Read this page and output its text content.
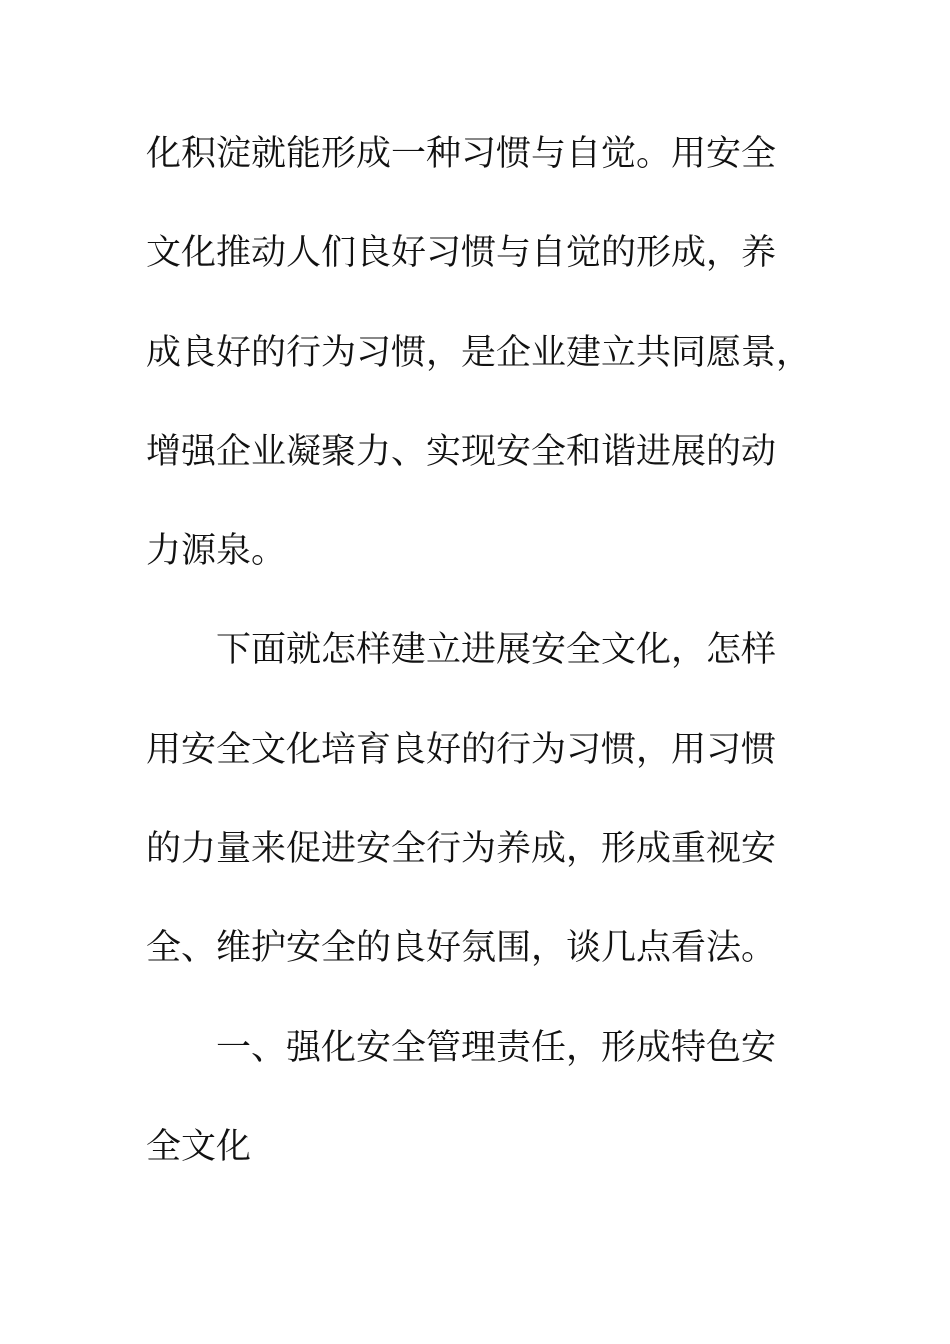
化积淀就能形成一种习惯与自觉。用安全
文化推动人们良好习惯与自觉的形成，养
成良好的行为习惯，是企业建立共同愿景，
增强企业凝聚力、实现安全和谐进展的动
力源泉。
下面就怎样建立进展安全文化，怎样
用安全文化培育良好的行为习惯，用习惯
的力量来促进安全行为养成，形成重视安
全、维护安全的良好氛围，谈几点看法。
一、强化安全管理责任，形成特色安
全文化
